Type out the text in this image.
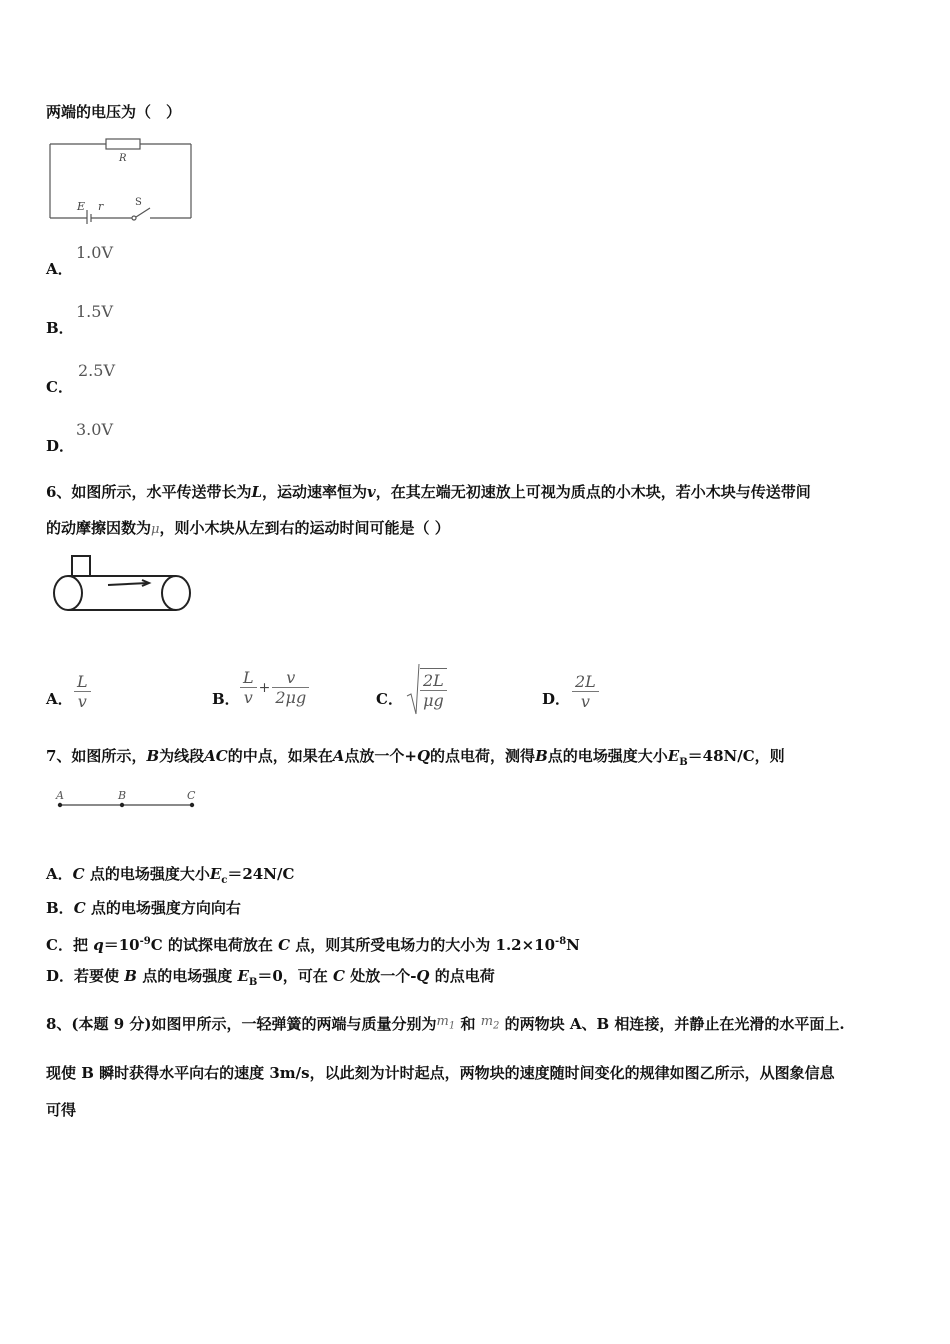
两端的电压为（　）
R
E r	S
A．
1.0V
B．
1.5V
C．
2.5V
D．
3.0V
6、如图所示，水平传送带长为L，运动速率恒为v，在其左端无初速放上可视为质点的小木块，若小木块与传送带间
的动摩擦因数为μ，则小木块从左到右的运动时间可能是（ ）
A．
L
v	B． $\frac{L}{v} + \frac{v}{2\mu g}$	C． $\frac{2L}{\mu g}$	D．
2L
v
7、如图所示，B为线段AC的中点，如果在A点放一个+Q的点电荷，测得B点的电场强度大小$E_B=48N/C$，则
A	B	C
A．C 点的电场强度大小$E_c=24N/C$
B．C 点的电场强度方向向右
C．把 $q=10^{-9}C$ 的试探电荷放在 C 点，则其所受电场力的大小为 $1.2\times 10^{-8}N$
D．若要使 B 点的电场强度 $E_B=0$，可在 C 处放一个-Q 的点电荷
8、(本题 9 分)如图甲所示，一轻弹簧的两端与质量分别为$m_1$ 和 $m_2$ 的两物块 A、B 相连接，并静止在光滑的水平面上.
现使 B 瞬时获得水平向右的速度 3m/s，以此刻为计时起点，两物块的速度随时间变化的规律如图乙所示，从图象信息
可得
